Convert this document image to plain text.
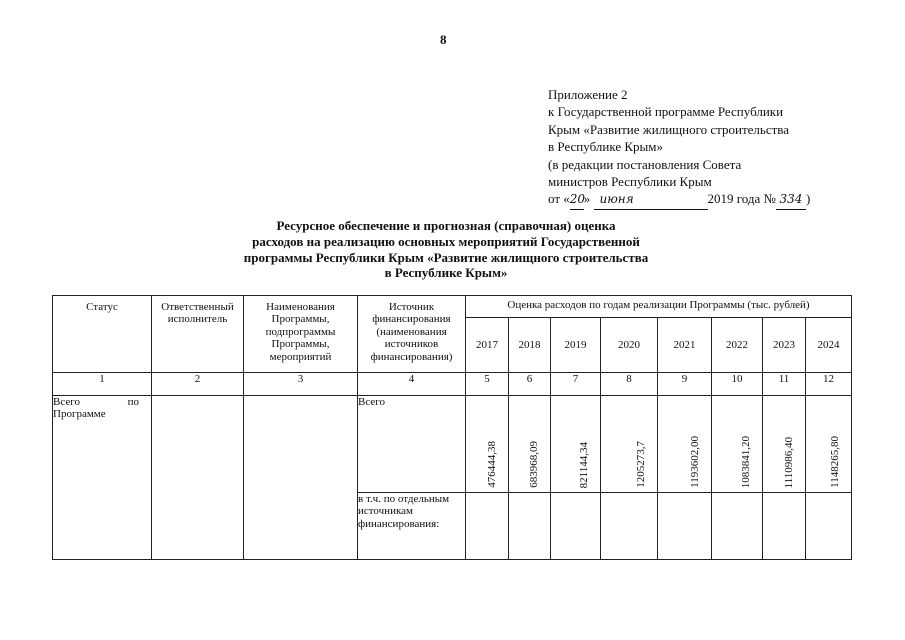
8
Приложение 2
к Государственной программе Республики
Крым «Развитие жилищного строительства
в Республике Крым»
(в редакции постановления Совета
министров Республики Крым
от «20» июня	2019 года № 334 )
Ресурсное обеспечение и прогнозная (справочная) оценка
расходов на реализацию основных мероприятий Государственной
программы Республики Крым «Развитие жилищного строительства
в Республике Крым»
Статус	Ответственный исполнитель	Наименования Программы, подпрограммы Программы, мероприятий	Источник финансирования (наименования источников финансирования)	Оценка расходов по годам реализации Программы (тыс. рублей)							
				2017	2018	2019	2020	2021	2022	2023	2024
1	2	3	4	5	6	7	8	9	10	11	12

Всего по Программе			Всего	476444,38	683968,09	821144,34	1205273,7	1193602,00	1083841,20	1110986,40	1148265,80

			в т.ч. по отдельным источникам финансирования:								
